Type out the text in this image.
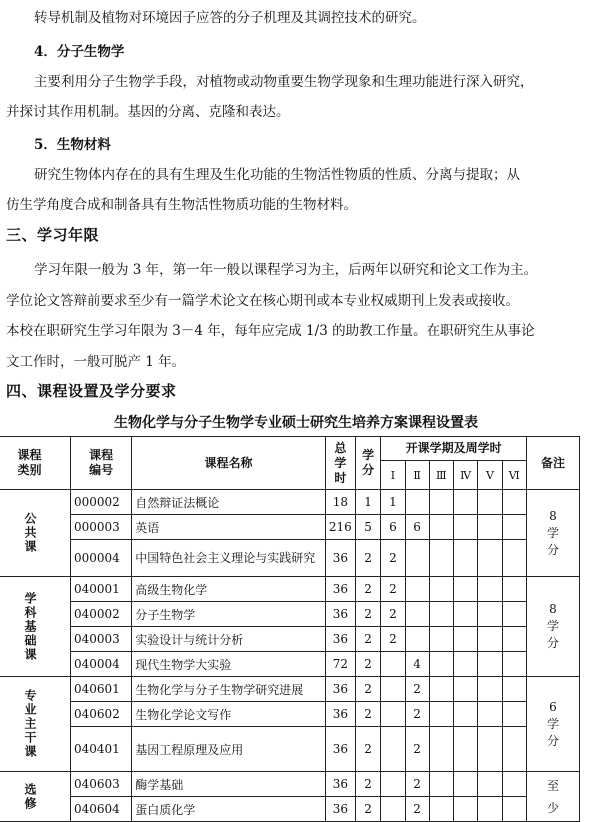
转导机制及植物对环境因子应答的分子机理及其调控技术的研究。
4．分子生物学
主要利用分子生物学手段，对植物或动物重要生物学现象和生理功能进行深入研究，
并探讨其作用机制。基因的分离、克隆和表达。
5．生物材料
研究生物体内存在的具有生理及生化功能的生物活性物质的性质、分离与提取；从
仿生学角度合成和制备具有生物活性物质功能的生物材料。
三、学习年限
学习年限一般为 3 年，第一年一般以课程学习为主，后两年以研究和论文工作为主。
学位论文答辩前要求至少有一篇学术论文在核心期刊或本专业权威期刊上发表或接收。
本校在职研究生学习年限为 3－4 年，每年应完成 1/3 的助教工作量。在职研究生从事论
文工作时，一般可脱产 1 年。
四、课程设置及学分要求
生物化学与分子生物学专业硕士研究生培养方案课程设置表
课程类别	课程编号	课程名称	总学时	学分	开课学期及周学时						备注
					Ⅰ	Ⅱ	Ⅲ	Ⅳ	Ⅴ	Ⅵ	

公共课	000002	自然辩证法概论	18	1	1						8学分

	000003	英语	216	5	6	6					
	000004	中国特色社会主义理论与实践研究	36	2	2						

学科基础课	040001	高级生物化学	36	2	2						8学分

	040002	分子生物学	36	2	2						
	040003	实验设计与统计分析	36	2	2						
	040004	现代生物学大实验	72	2		4					

专业主干课	040601	生物化学与分子生物学研究进展	36	2		2					6学分

	040602	生物化学论文写作	36	2		2					
	040401	基因工程原理及应用	36	2		2					

选修	040603	酶学基础	36	2		2					至少

	040604	蛋白质化学	36	2		2					
